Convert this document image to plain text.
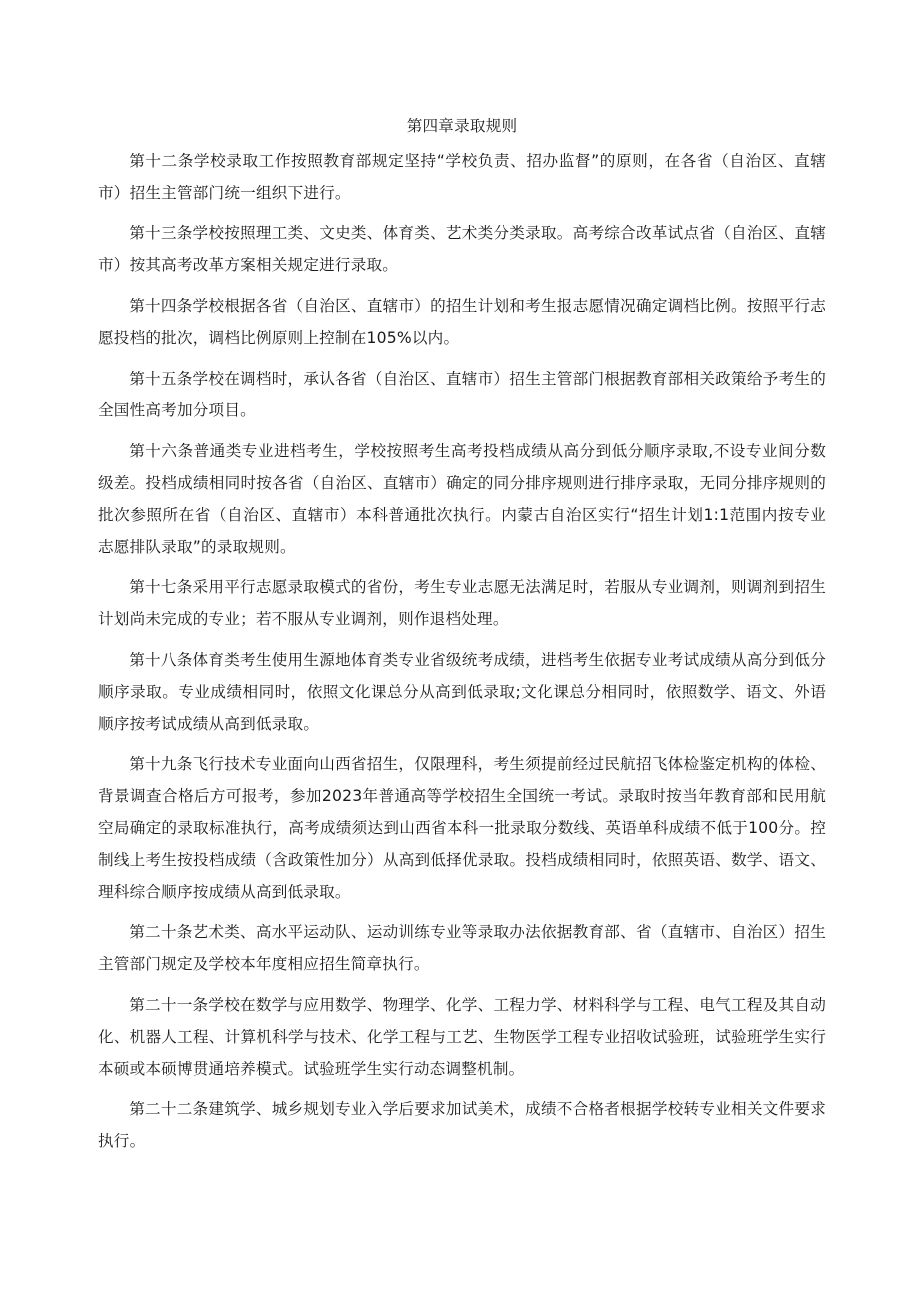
第四章录取规则

第十二条学校录取工作按照教育部规定坚持“学校负责、招办监督”的原则，在各省（自治区、直辖市）招生主管部门统一组织下进行。

第十三条学校按照理工类、文史类、体育类、艺术类分类录取。高考综合改革试点省（自治区、直辖市）按其高考改革方案相关规定进行录取。

第十四条学校根据各省（自治区、直辖市）的招生计划和考生报志愿情况确定调档比例。按照平行志愿投档的批次，调档比例原则上控制在105%以内。

第十五条学校在调档时，承认各省（自治区、直辖市）招生主管部门根据教育部相关政策给予考生的全国性高考加分项目。

第十六条普通类专业进档考生，学校按照考生高考投档成绩从高分到低分顺序录取,不设专业间分数级差。投档成绩相同时按各省（自治区、直辖市）确定的同分排序规则进行排序录取，无同分排序规则的批次参照所在省（自治区、直辖市）本科普通批次执行。内蒙古自治区实行“招生计划1:1范围内按专业志愿排队录取”的录取规则。

第十七条采用平行志愿录取模式的省份，考生专业志愿无法满足时，若服从专业调剂，则调剂到招生计划尚未完成的专业；若不服从专业调剂，则作退档处理。

第十八条体育类考生使用生源地体育类专业省级统考成绩，进档考生依据专业考试成绩从高分到低分顺序录取。专业成绩相同时，依照文化课总分从高到低录取;文化课总分相同时，依照数学、语文、外语顺序按考试成绩从高到低录取。

第十九条飞行技术专业面向山西省招生，仅限理科，考生须提前经过民航招飞体检鉴定机构的体检、背景调查合格后方可报考，参加2023年普通高等学校招生全国统一考试。录取时按当年教育部和民用航空局确定的录取标准执行，高考成绩须达到山西省本科一批录取分数线、英语单科成绩不低于100分。控制线上考生按投档成绩（含政策性加分）从高到低择优录取。投档成绩相同时，依照英语、数学、语文、理科综合顺序按成绩从高到低录取。

第二十条艺术类、高水平运动队、运动训练专业等录取办法依据教育部、省（直辖市、自治区）招生主管部门规定及学校本年度相应招生简章执行。

第二十一条学校在数学与应用数学、物理学、化学、工程力学、材料科学与工程、电气工程及其自动化、机器人工程、计算机科学与技术、化学工程与工艺、生物医学工程专业招收试验班，试验班学生实行本硕或本硕博贯通培养模式。试验班学生实行动态调整机制。

第二十二条建筑学、城乡规划专业入学后要求加试美术，成绩不合格者根据学校转专业相关文件要求执行。
